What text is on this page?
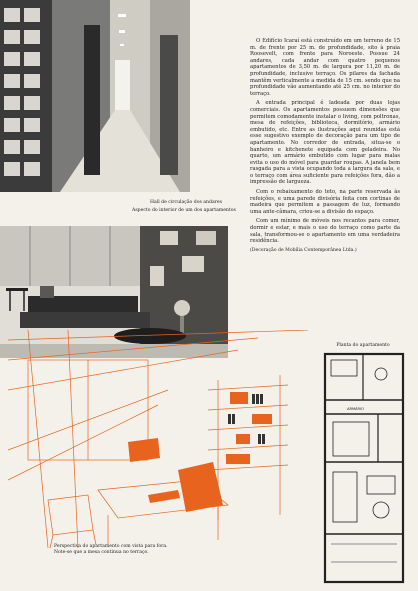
Hall de circulação dos andares
Aspecto do interior de um dos apartamentos
Perspectiva do apartamento com vista para fora.
Note-se que a mesa continua no terraço.

O Edifício Icaraí está construído em um terreno de 15 m. de frente por 25 m. de profundidade, sito à praia Roosevelt, com frente para Noroeste. Possue 24 andares, cada andar com quatro pequenos apartamentos de 3,50 m. de largura por 11,20 m. de profundidade, inclusive terraço. Os pilares da fachada mantêm verticalmente a medida de 15 cm. sendo que na profundidade vão aumentando até 25 cm. no interior do terraço.

A entrada principal é ladeada por duas lojas comerciais. Os apartamentos possuem dimensões que permitem comodamente instalar o living, com poltronas, mesa de refeições, biblioteca, dormitório, armário embutido, etc. Entre as ilustrações aqui reunidas está esse sugestivo exemplo de decoração para um tipo de apartamento. No corredor de entrada, situa-se o banheiro e kitchenete equipada com geladeira. No quarto, um armário embutido com lugar para malas evita o uso do móvel para guardar roupas. A janela bem rasgada para a vista ocupando toda a largura da sala, e o terraço com área suficiente para refeições fora, dão a impressão de largueza.

Com o rebaixamento do teto, na parte reservada às refeições, e uma parede divisória feita com cortinas de madeira que permitem a passagem de luz, formando uma ante-câmara, criou-se a divisão do espaço.

Com um mínimo de móveis nos recantos para comer, dormir e estar, e mais o uso do terraço como parte da sala, transformou-se o apartamento em uma verdadeira residência.

(Decoração de Mobília Contemporânea Ltda.)
Planta do apartamento
ARMÁRIO
